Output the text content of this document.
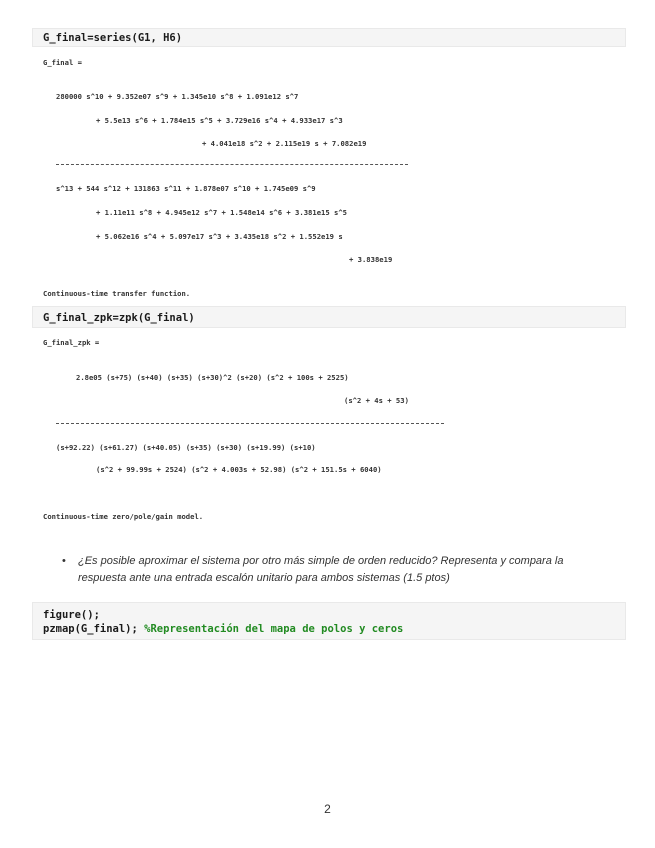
G_final=series(G1, H6)
G_final =
280000 s^10 + 9.352e07 s^9 + 1.345e10 s^8 + 1.091e12 s^7
+ 5.5e13 s^6 + 1.784e15 s^5 + 3.729e16 s^4 + 4.933e17 s^3
+ 4.041e18 s^2 + 2.115e19 s + 7.082e19
s^13 + 544 s^12 + 131863 s^11 + 1.878e07 s^10 + 1.745e09 s^9
+ 1.11e11 s^8 + 4.945e12 s^7 + 1.548e14 s^6 + 3.381e15 s^5
+ 5.062e16 s^4 + 5.097e17 s^3 + 3.435e18 s^2 + 1.552e19 s
+ 3.838e19
Continuous-time transfer function.
G_final_zpk=zpk(G_final)
G_final_zpk =
2.8e05 (s+75) (s+40) (s+35) (s+30)^2 (s+20) (s^2 + 100s + 2525)
(s^2 + 4s + 53)
(s+92.22) (s+61.27) (s+40.05) (s+35) (s+30) (s+19.99) (s+10)
(s^2 + 99.99s + 2524) (s^2 + 4.003s + 52.98) (s^2 + 151.5s + 6040)
Continuous-time zero/pole/gain model.
•	¿Es posible aproximar el sistema por otro más simple de orden reducido? Representa y compara la respuesta ante una entrada escalón unitario para ambos sistemas (1.5 ptos)
figure();
pzmap(G_final); %Representación del mapa de polos y ceros
2
